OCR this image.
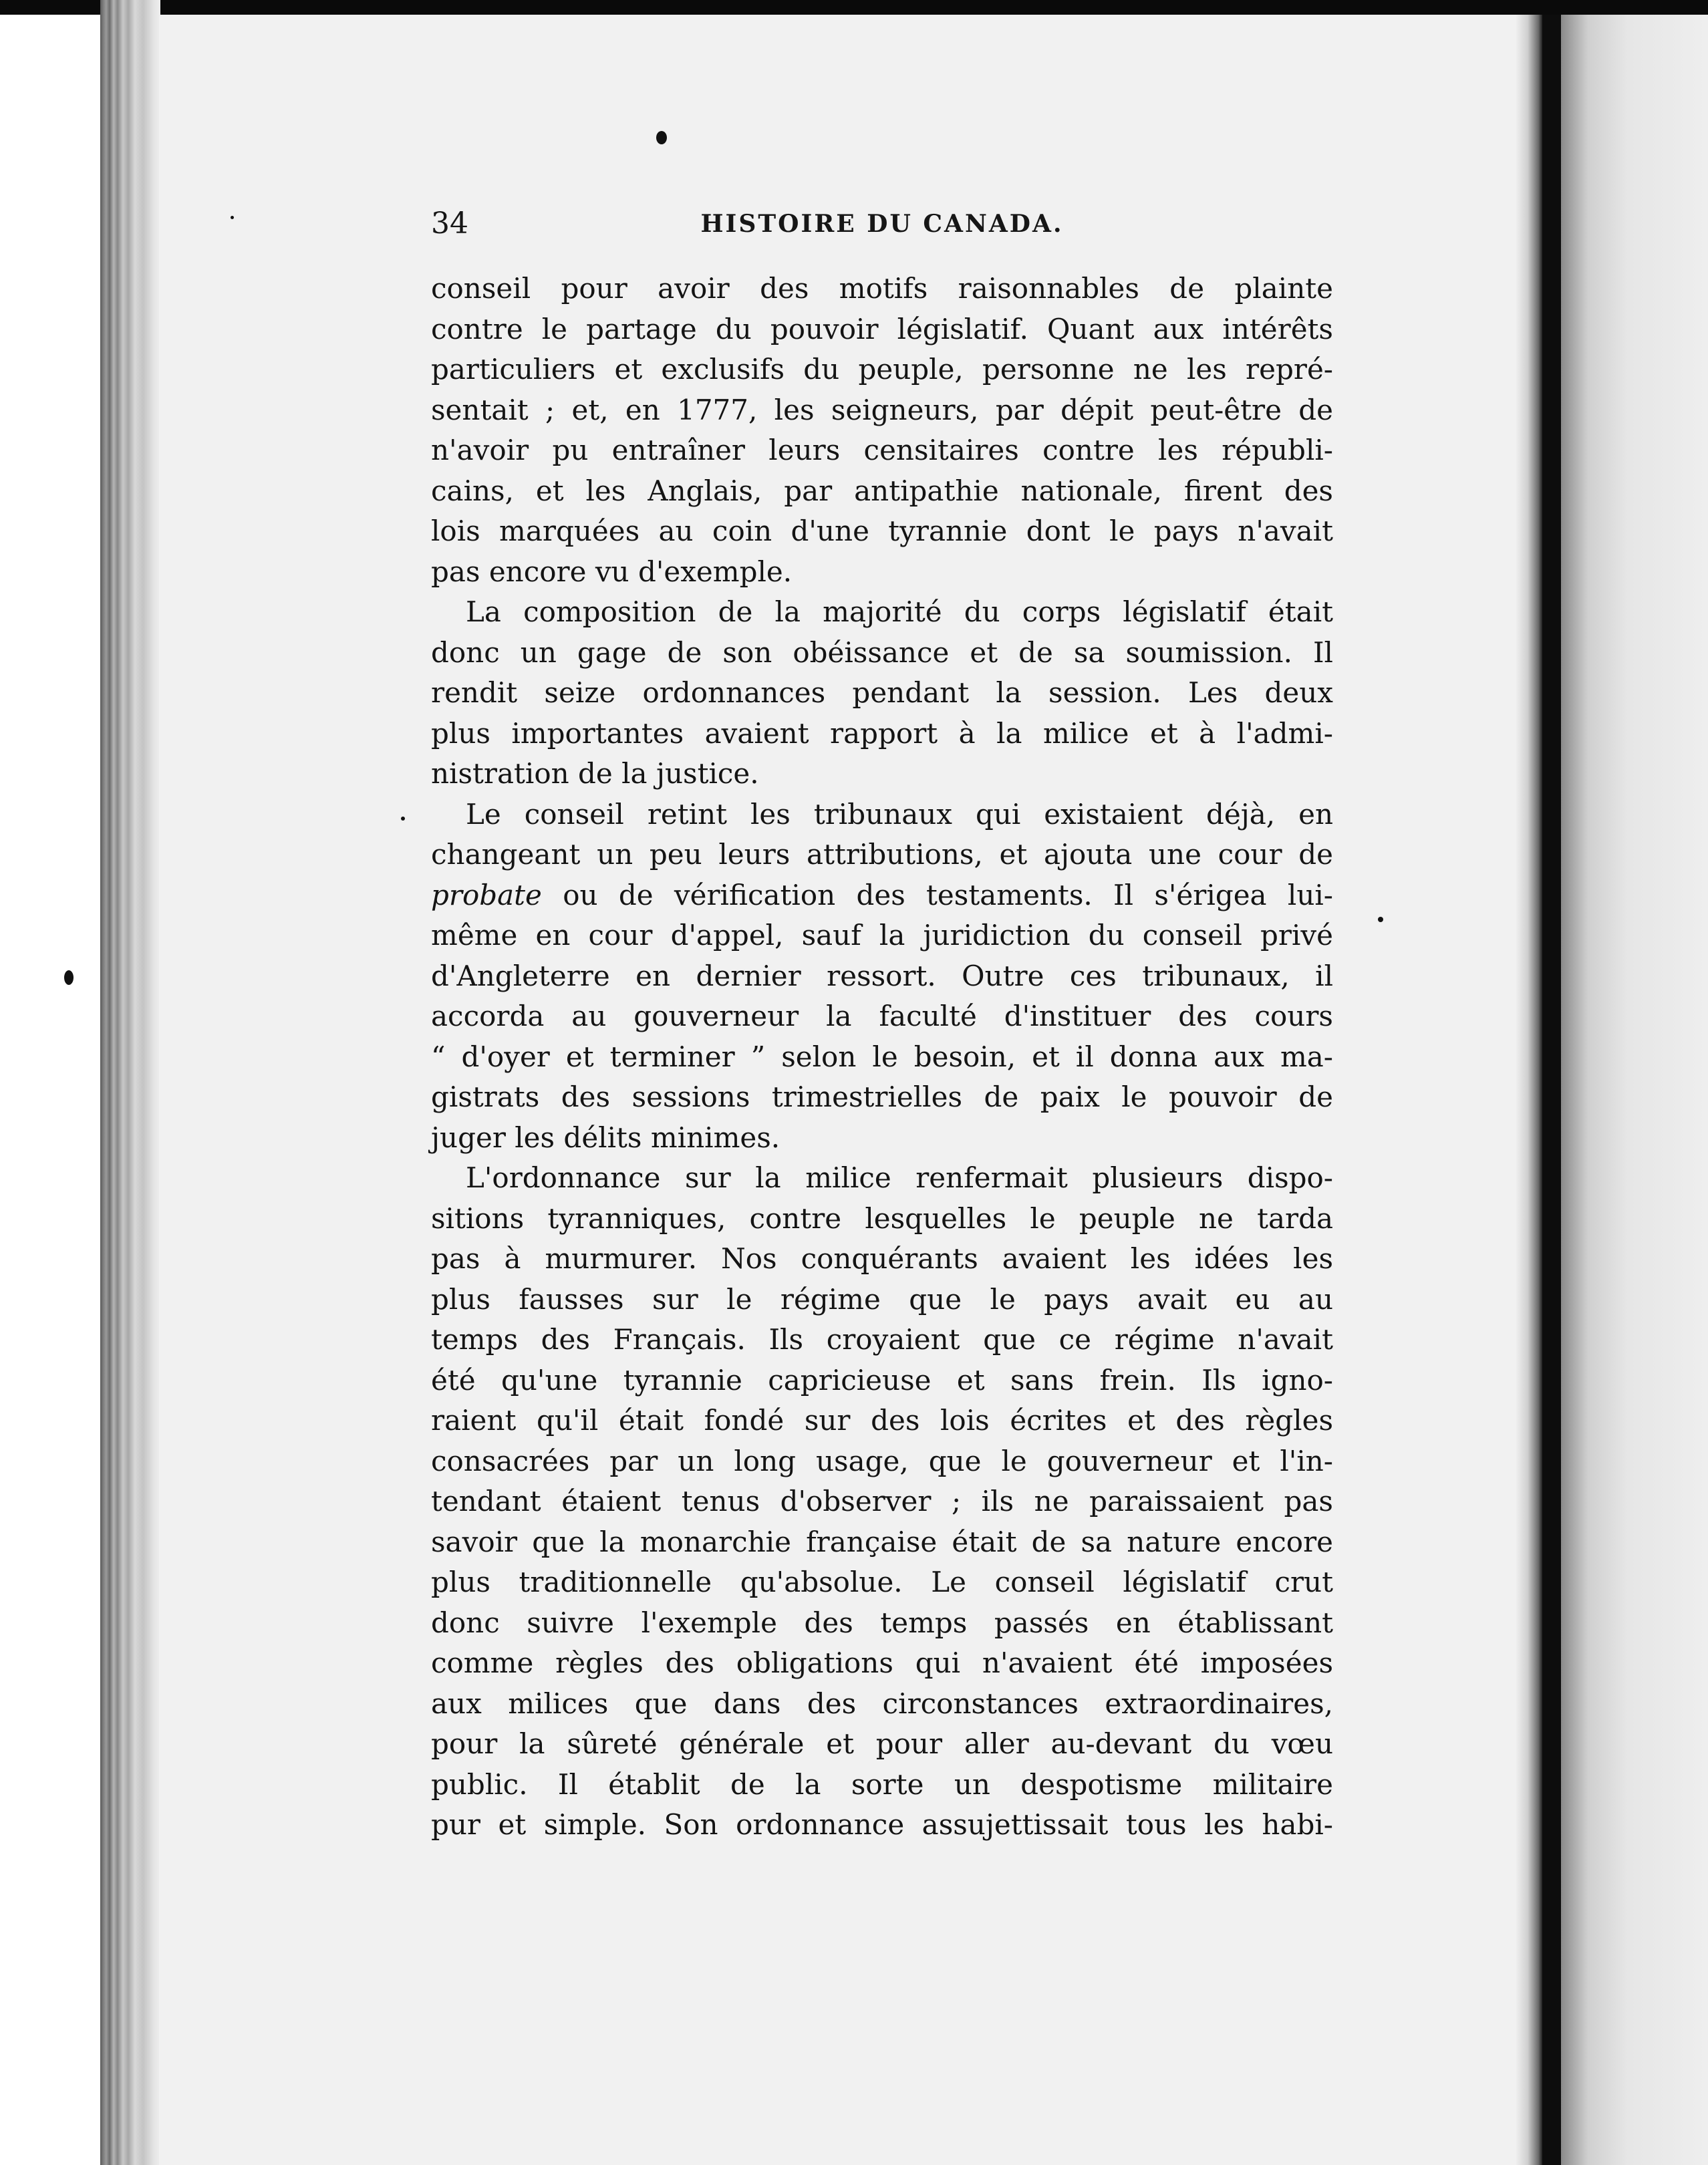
34	HISTOIRE DU CANADA.
conseil pour avoir des motifs raisonnables de plainte
contre le partage du pouvoir législatif. Quant aux intérêts
particuliers et exclusifs du peuple, personne ne les repré-
sentait ; et, en 1777, les seigneurs, par dépit peut-être de
n'avoir pu entraîner leurs censitaires contre les républi-
cains, et les Anglais, par antipathie nationale, firent des
lois marquées au coin d'une tyrannie dont le pays n'avait
pas encore vu d'exemple.
La composition de la majorité du corps législatif était
donc un gage de son obéissance et de sa soumission. Il
rendit seize ordonnances pendant la session. Les deux
plus importantes avaient rapport à la milice et à l'admi-
nistration de la justice.
Le conseil retint les tribunaux qui existaient déjà, en
changeant un peu leurs attributions, et ajouta une cour de
probate ou de vérification des testaments. Il s'érigea lui-
même en cour d'appel, sauf la juridiction du conseil privé
d'Angleterre en dernier ressort. Outre ces tribunaux, il
accorda au gouverneur la faculté d'instituer des cours
“ d'oyer et terminer ” selon le besoin, et il donna aux ma-
gistrats des sessions trimestrielles de paix le pouvoir de
juger les délits minimes.
L'ordonnance sur la milice renfermait plusieurs dispo-
sitions tyranniques, contre lesquelles le peuple ne tarda
pas à murmurer. Nos conquérants avaient les idées les
plus fausses sur le régime que le pays avait eu au
temps des Français. Ils croyaient que ce régime n'avait
été qu'une tyrannie capricieuse et sans frein. Ils igno-
raient qu'il était fondé sur des lois écrites et des règles
consacrées par un long usage, que le gouverneur et l'in-
tendant étaient tenus d'observer ; ils ne paraissaient pas
savoir que la monarchie française était de sa nature encore
plus traditionnelle qu'absolue. Le conseil législatif crut
donc suivre l'exemple des temps passés en établissant
comme règles des obligations qui n'avaient été imposées
aux milices que dans des circonstances extraordinaires,
pour la sûreté générale et pour aller au-devant du vœu
public. Il établit de la sorte un despotisme militaire
pur et simple. Son ordonnance assujettissait tous les habi-
